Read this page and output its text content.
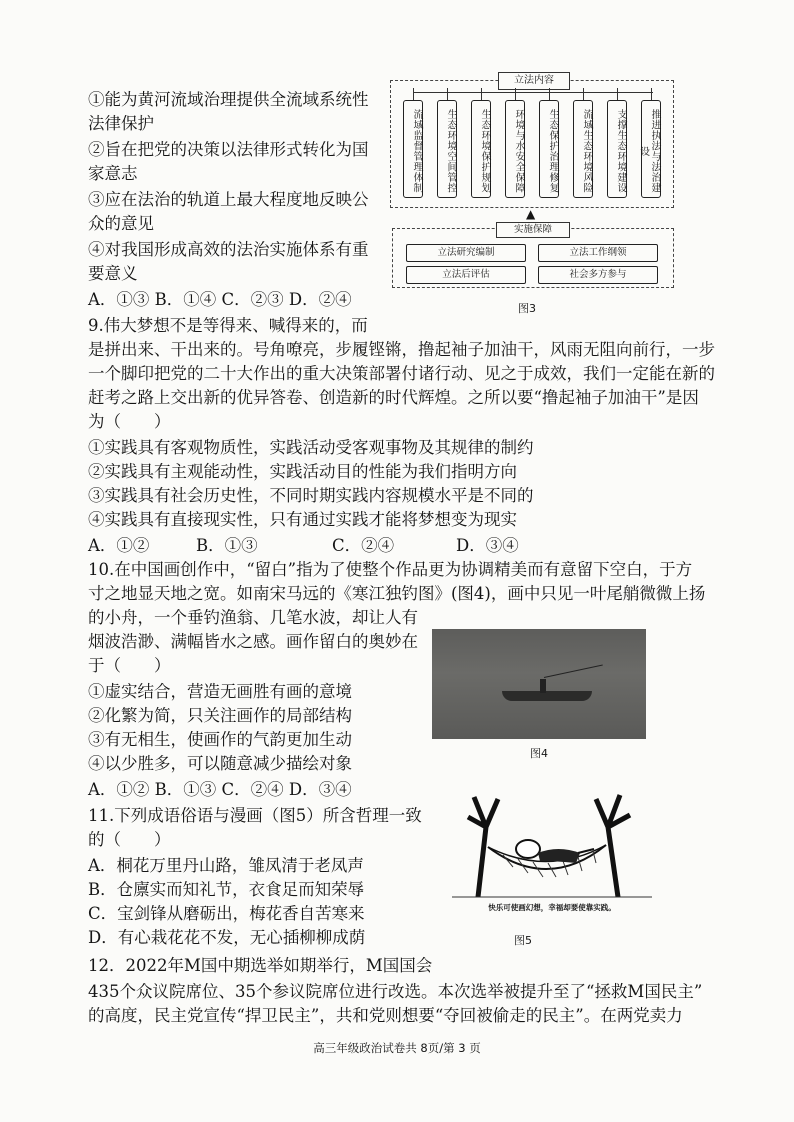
①能为黄河流域治理提供全流域系统性
法律保护
②旨在把党的决策以法律形式转化为国
家意志
③应在法治的轨道上最大程度地反映公
众的意见
④对我国形成高效的法治实施体系有重
要意义
A．①③ B．①④ C．②③ D．②④
立法内容
流域监督管理体制	生态环境空间管控	生态环境保护规划	环境与水安全保障	生态保护治理修复	流域生态环境风险	支撑生态环境建设	推进执法与法治建设
▲
实施保障
立法研究编制	立法工作纲领
立法后评估	社会多方参与
图3
9.伟大梦想不是等得来、喊得来的，而
是拼出来、干出来的。号角嘹亮，步履铿锵，撸起袖子加油干，风雨无阻向前行，一步
一个脚印把党的二十大作出的重大决策部署付诸行动、见之于成效，我们一定能在新的
赶考之路上交出新的优异答卷、创造新的时代辉煌。之所以要“撸起袖子加油干”是因
为（　　）
①实践具有客观物质性，实践活动受客观事物及其规律的制约
②实践具有主观能动性，实践活动目的性能为我们指明方向
③实践具有社会历史性，不同时期实践内容规模水平是不同的
④实践具有直接现实性，只有通过实践才能将梦想变为现实
A．①②	B．①③	C．②④	D．③④
10.在中国画创作中，“留白”指为了使整个作品更为协调精美而有意留下空白，于方
寸之地显天地之宽。如南宋马远的《寒江独钓图》(图4)，画中只见一叶尾艄微微上扬
的小舟，一个垂钓渔翁、几笔水波，却让人有
烟波浩渺、满幅皆水之感。画作留白的奥妙在
于（　　）
①虚实结合，营造无画胜有画的意境
②化繁为简，只关注画作的局部结构
③有无相生，使画作的气韵更加生动
④以少胜多，可以随意减少描绘对象
A．①② B．①③ C．②④ D．③④
图4
11.下列成语俗语与漫画（图5）所含哲理一致
的（　　）
A．桐花万里丹山路，雏凤清于老凤声
B．仓廪实而知礼节，衣食足而知荣辱
C．宝剑锋从磨砺出，梅花香自苦寒来
D．有心栽花花不发，无心插柳柳成荫
快乐可使画幻想，幸福却要使靠实践。
图5
12．2022年M国中期选举如期举行，M国国会
435个众议院席位、35个参议院席位进行改选。本次选举被提升至了“拯救M国民主”
的高度，民主党宣传“捍卫民主”，共和党则想要“夺回被偷走的民主”。在两党卖力
高三年级政治试卷共 8页/第 3 页
